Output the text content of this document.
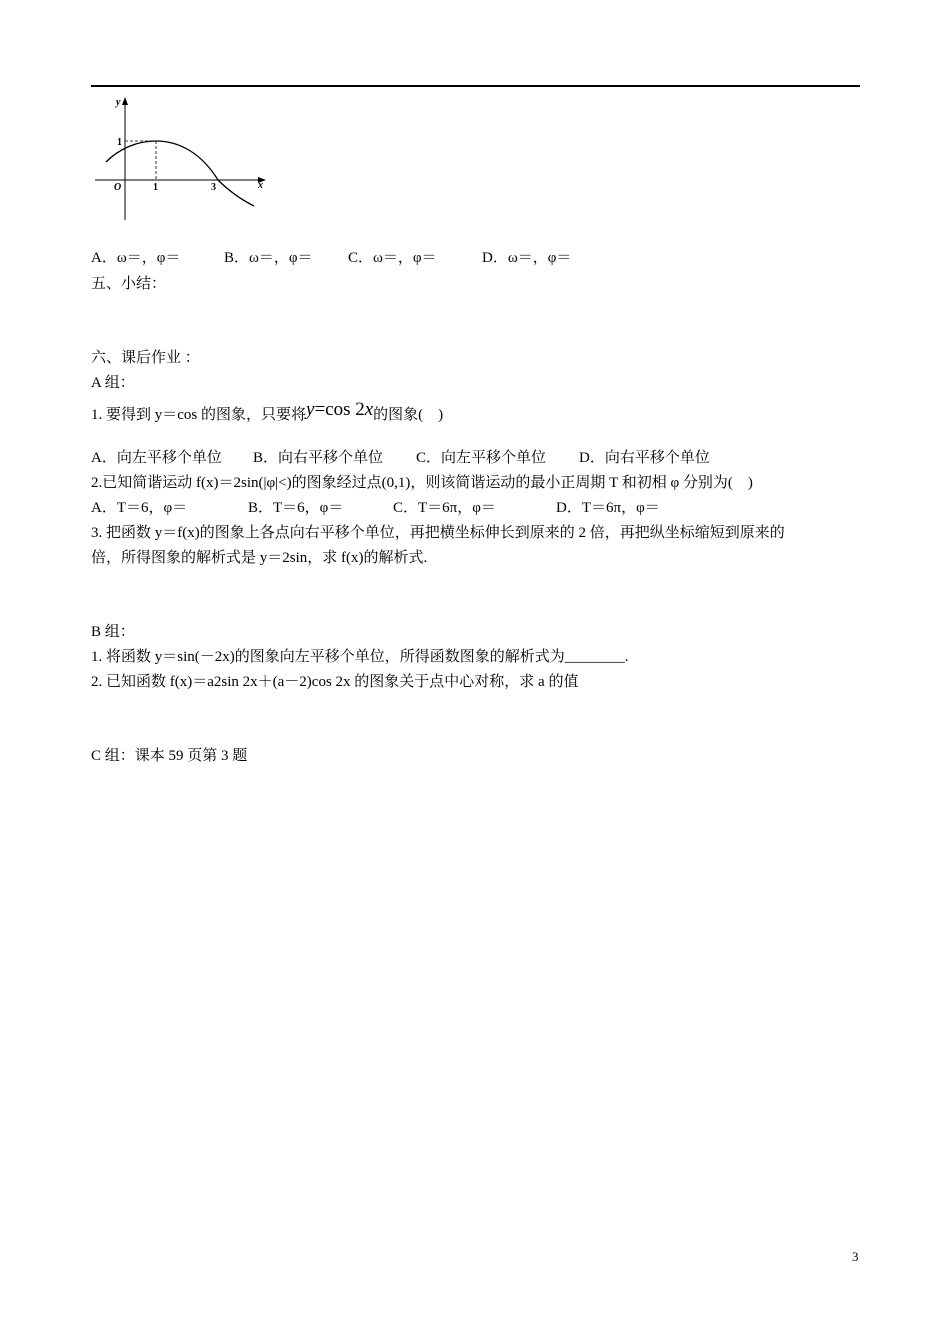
y
x
O
1
1	3
A．ω＝，φ＝	B．ω＝，φ＝ C．ω＝，φ＝	D．ω＝，φ＝
五、小结：
六、课后作业 ：
A 组：
1. 要得到 y＝cos 的图象，只要将y=cos 2x的图象(　)
A．向左平移个单位 B．向右平移个单位 C．向左平移个单位 D．向右平移个单位
2.已知简谐运动 f(x)＝2sin(|φ|<)的图象经过点(0,1)，则该简谐运动的最小正周期 T 和初相 φ 分别为(　)
A．T＝6，φ＝	B．T＝6，φ＝	C．T＝6π，φ＝	D．T＝6π，φ＝
3. 把函数 y＝f(x)的图象上各点向右平移个单位，再把横坐标伸长到原来的 2 倍，再把纵坐标缩短到原来的
倍，所得图象的解析式是 y＝2sin，求 f(x)的解析式.
B 组：
1. 将函数 y＝sin(－2x)的图象向左平移个单位，所得函数图象的解析式为________.
2. 已知函数 f(x)＝a2sin 2x＋(a－2)cos 2x 的图象关于点中心对称，求 a 的值
C 组：课本 59 页第 3 题
3
